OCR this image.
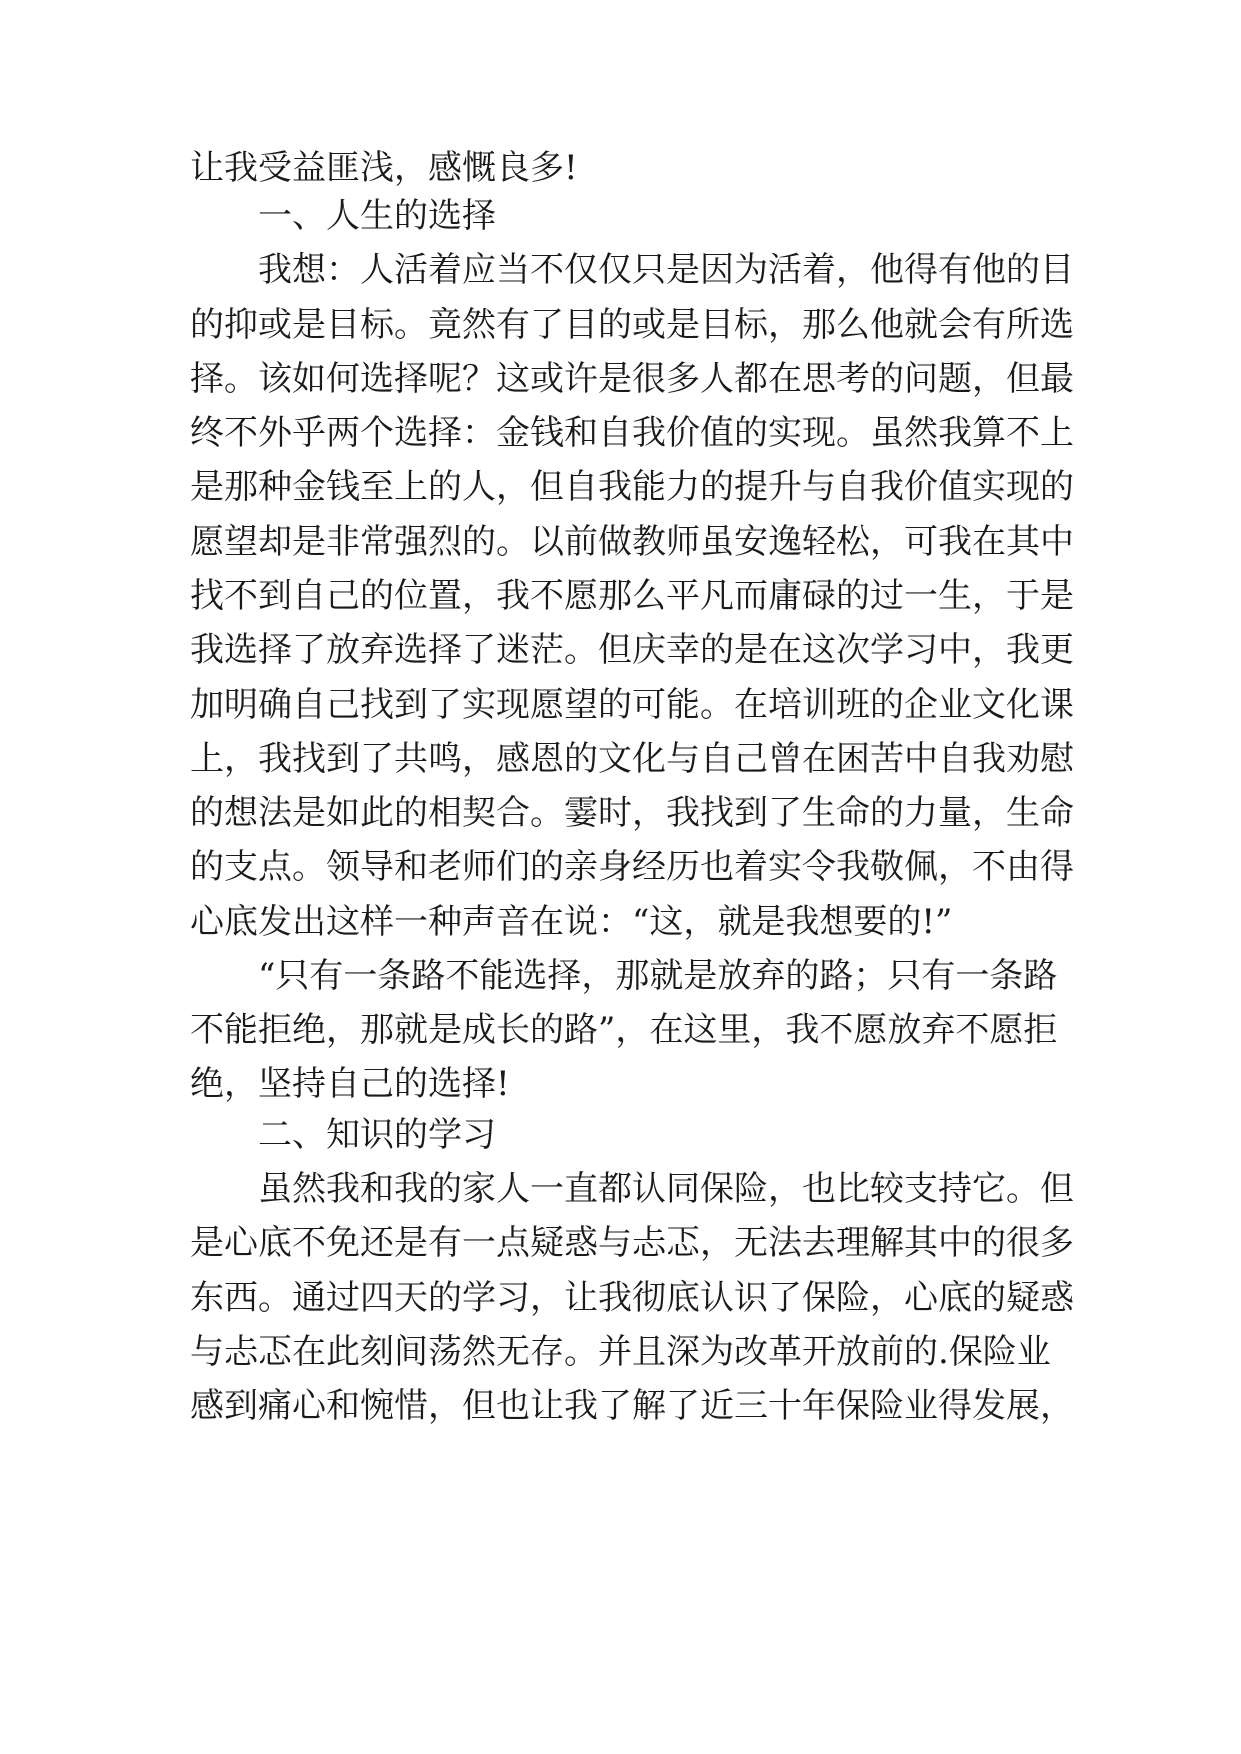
让我受益匪浅，感慨良多!
一、人生的选择
我想：人活着应当不仅仅只是因为活着，他得有他的目
的抑或是目标。竟然有了目的或是目标，那么他就会有所选
择。该如何选择呢？这或许是很多人都在思考的问题，但最
终不外乎两个选择：金钱和自我价值的实现。虽然我算不上
是那种金钱至上的人，但自我能力的提升与自我价值实现的
愿望却是非常强烈的。以前做教师虽安逸轻松，可我在其中
找不到自己的位置，我不愿那么平凡而庸碌的过一生，于是
我选择了放弃选择了迷茫。但庆幸的是在这次学习中，我更
加明确自己找到了实现愿望的可能。在培训班的企业文化课
上，我找到了共鸣，感恩的文化与自己曾在困苦中自我劝慰
的想法是如此的相契合。霎时，我找到了生命的力量，生命
的支点。领导和老师们的亲身经历也着实令我敬佩，不由得
心底发出这样一种声音在说：“这，就是我想要的!”
“只有一条路不能选择，那就是放弃的路；只有一条路
不能拒绝，那就是成长的路”，在这里，我不愿放弃不愿拒
绝，坚持自己的选择!
二、知识的学习
虽然我和我的家人一直都认同保险，也比较支持它。但
是心底不免还是有一点疑惑与忐忑，无法去理解其中的很多
东西。通过四天的学习，让我彻底认识了保险，心底的疑惑
与忐忑在此刻间荡然无存。并且深为改革开放前的.保险业
感到痛心和惋惜，但也让我了解了近三十年保险业得发展，
